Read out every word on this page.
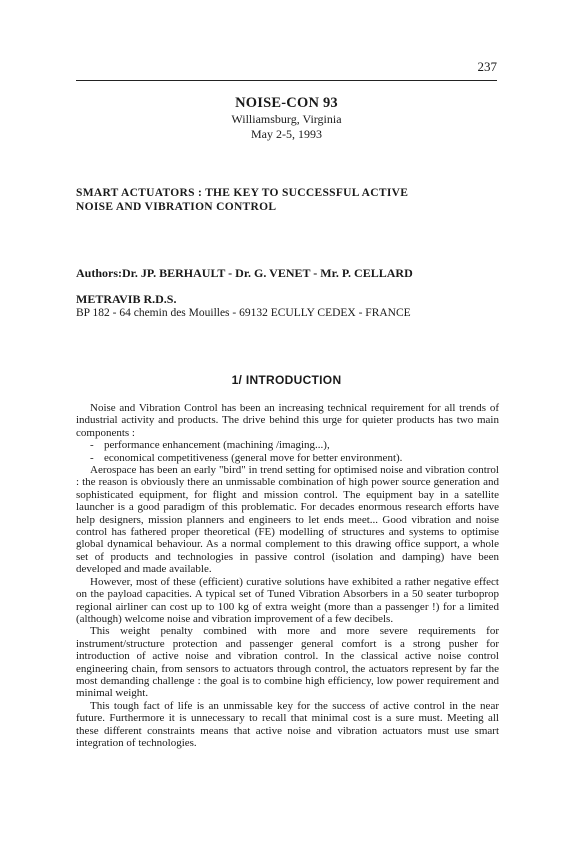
237
NOISE-CON 93
Williamsburg, Virginia
May 2-5, 1993
SMART ACTUATORS : THE KEY TO SUCCESSFUL ACTIVE
NOISE AND VIBRATION CONTROL
Authors:Dr. JP. BERHAULT - Dr. G. VENET - Mr. P. CELLARD
METRAVIB R.D.S.
BP 182 - 64 chemin des Mouilles - 69132 ECULLY CEDEX - FRANCE
1/ INTRODUCTION

Noise and Vibration Control has been an increasing technical requirement for all trends of industrial activity and products. The drive behind this urge for quieter products has two main components :

- performance enhancement (machining /imaging...),
- economical competitiveness (general move for better environment).

Aerospace has been an early "bird" in trend setting for optimised noise and vibration control : the reason is obviously there an unmissable combination of high power source generation and sophisticated equipment, for flight and mission control. The equipment bay in a satellite launcher is a good paradigm of this problematic. For decades enormous research efforts have help designers, mission planners and engineers to let ends meet... Good vibration and noise control has fathered proper theoretical (FE) modelling of structures and systems to optimise global dynamical behaviour. As a normal complement to this drawing office support, a whole set of products and technologies in passive control (isolation and damping) have been developed and made available.

However, most of these (efficient) curative solutions have exhibited a rather negative effect on the payload capacities. A typical set of Tuned Vibration Absorbers in a 50 seater turboprop regional airliner can cost up to 100 kg of extra weight (more than a passenger !) for a limited (although) welcome noise and vibration improvement of a few decibels.

This weight penalty combined with more and more severe requirements for instrument/structure protection and passenger general comfort is a strong pusher for introduction of active noise and vibration control. In the classical active noise control engineering chain, from sensors to actuators through control, the actuators represent by far the most demanding challenge : the goal is to combine high efficiency, low power requirement and minimal weight.

This tough fact of life is an unmissable key for the success of active control in the near future. Furthermore it is unnecessary to recall that minimal cost is a sure must. Meeting all these different constraints means that active noise and vibration actuators must use smart integration of technologies.
